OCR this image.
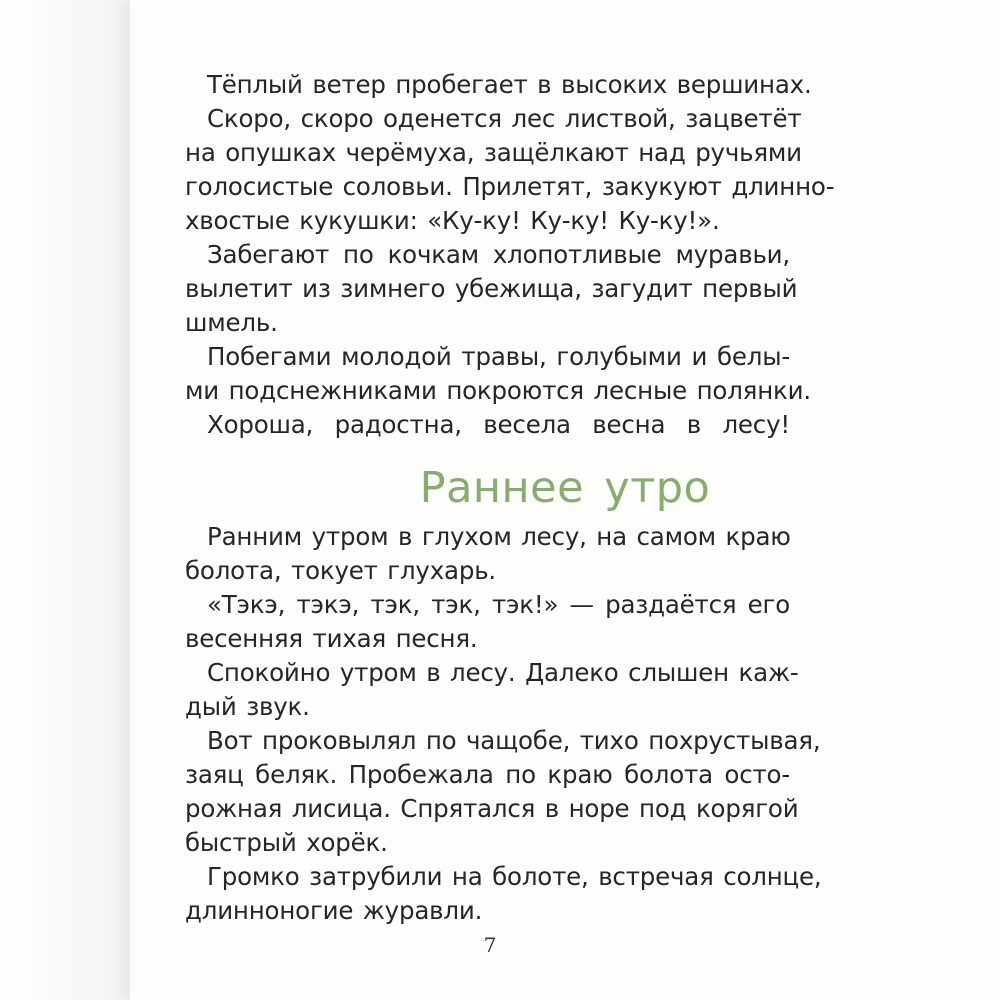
Тёплый ветер пробегает в высоких вершинах.
Скоро, скоро оденется лес листвой, зацветёт
на опушках черёмуха, защёлкают над ручьями
голосистые соловьи. Прилетят, закукуют длинно-
хвостые кукушки: «Ку-ку! Ку-ку! Ку-ку!».
Забегают по кочкам хлопотливые муравьи,
вылетит из зимнего убежища, загудит первый
шмель.
Побегами молодой травы, голубыми и белы-
ми подснежниками покроются лесные полянки.
Хороша, радостна, весела весна в лесу!
Раннее утро
Ранним утром в глухом лесу, на самом краю
болота, токует глухарь.
«Тэкэ, тэкэ, тэк, тэк, тэк!» — раздаётся его
весенняя тихая песня.
Спокойно утром в лесу. Далеко слышен каж-
дый звук.
Вот проковылял по чащобе, тихо похрустывая,
заяц беляк. Пробежала по краю болота осто-
рожная лисица. Спрятался в норе под корягой
быстрый хорёк.
Громко затрубили на болоте, встречая солнце,
длинноногие журавли.
7
